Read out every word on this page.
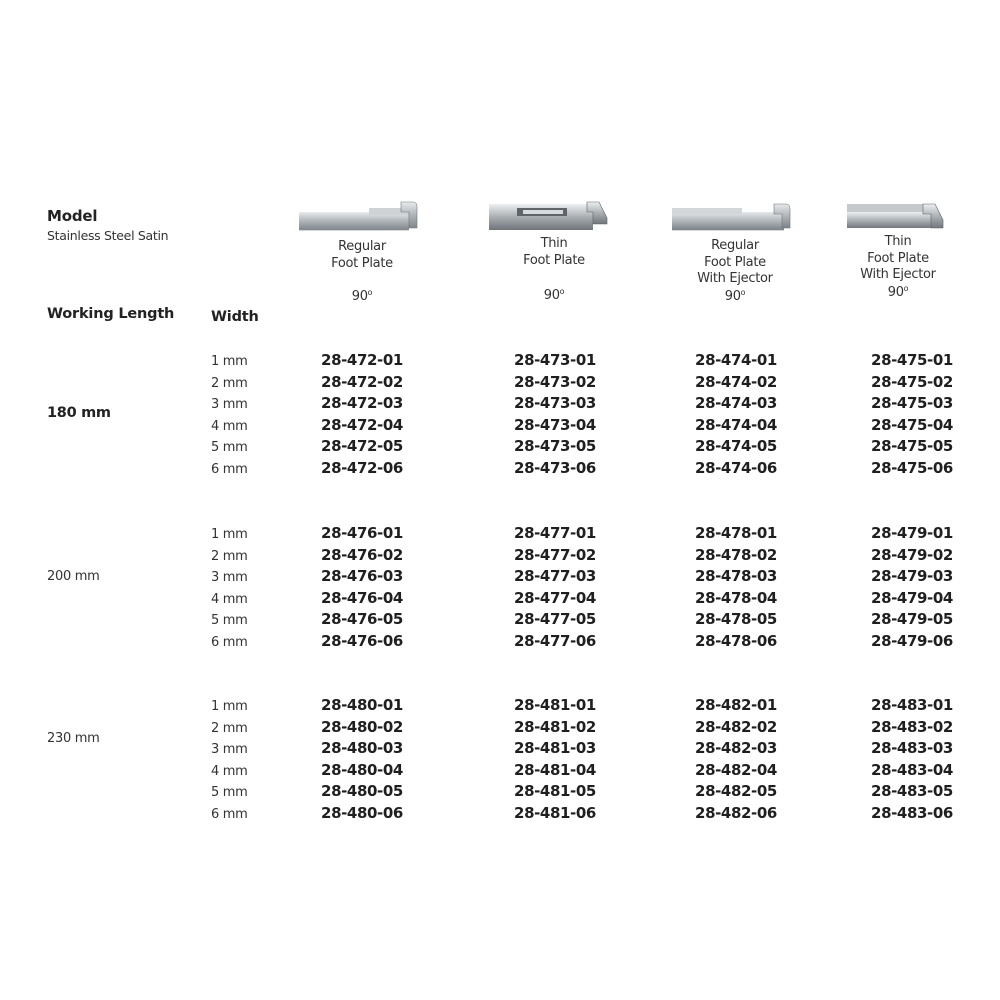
Model
Stainless Steel Satin
Working Length	Width
Regular
Foot Plate
90$^o$
Thin
Foot Plate
90$^o$
Regular
Foot Plate
With Ejector
90$^o$
Thin
Foot Plate
With Ejector
90$^o$
180 mm
1 mm	28-472-01	28-473-01	28-474-01	28-475-01
2 mm	28-472-02	28-473-02	28-474-02	28-475-02
3 mm	28-472-03	28-473-03	28-474-03	28-475-03
4 mm	28-472-04	28-473-04	28-474-04	28-475-04
5 mm	28-472-05	28-473-05	28-474-05	28-475-05
6 mm	28-472-06	28-473-06	28-474-06	28-475-06
200 mm
1 mm	28-476-01	28-477-01	28-478-01	28-479-01
2 mm	28-476-02	28-477-02	28-478-02	28-479-02
3 mm	28-476-03	28-477-03	28-478-03	28-479-03
4 mm	28-476-04	28-477-04	28-478-04	28-479-04
5 mm	28-476-05	28-477-05	28-478-05	28-479-05
6 mm	28-476-06	28-477-06	28-478-06	28-479-06
230 mm
1 mm	28-480-01	28-481-01	28-482-01	28-483-01
2 mm	28-480-02	28-481-02	28-482-02	28-483-02
3 mm	28-480-03	28-481-03	28-482-03	28-483-03
4 mm	28-480-04	28-481-04	28-482-04	28-483-04
5 mm	28-480-05	28-481-05	28-482-05	28-483-05
6 mm	28-480-06	28-481-06	28-482-06	28-483-06
